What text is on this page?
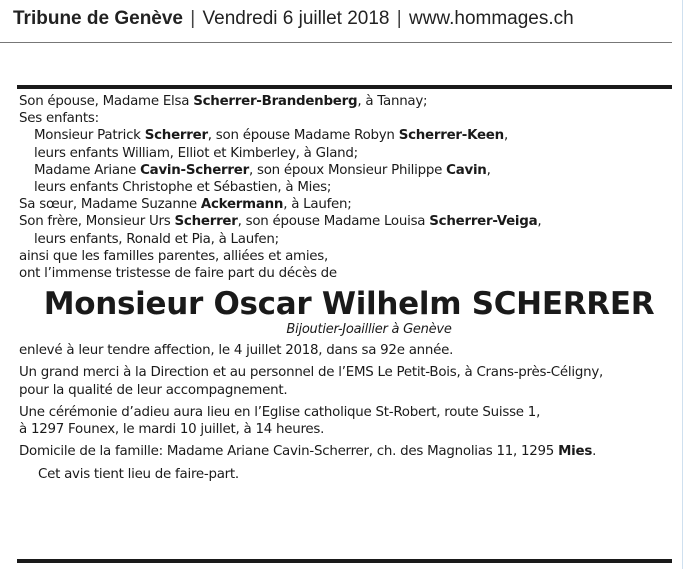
Tribune de Genève | Vendredi 6 juillet 2018 | www.hommages.ch
Son épouse, Madame Elsa Scherrer-Brandenberg, à Tannay;
Ses enfants:
Monsieur Patrick Scherrer, son épouse Madame Robyn Scherrer-Keen,
leurs enfants William, Elliot et Kimberley, à Gland;
Madame Ariane Cavin-Scherrer, son époux Monsieur Philippe Cavin,
leurs enfants Christophe et Sébastien, à Mies;
Sa sœur, Madame Suzanne Ackermann, à Laufen;
Son frère, Monsieur Urs Scherrer, son épouse Madame Louisa Scherrer-Veiga,
leurs enfants, Ronald et Pia, à Laufen;
ainsi que les familles parentes, alliées et amies,
ont l’immense tristesse de faire part du décès de
Monsieur Oscar Wilhelm SCHERRER
Bijoutier-Joaillier à Genève
enlevé à leur tendre affection, le 4 juillet 2018, dans sa 92e année.
Un grand merci à la Direction et au personnel de l’EMS Le Petit-Bois, à Crans-près-Céligny,
pour la qualité de leur accompagnement.
Une cérémonie d’adieu aura lieu en l’Eglise catholique St-Robert, route Suisse 1,
à 1297 Founex, le mardi 10 juillet, à 14 heures.
Domicile de la famille: Madame Ariane Cavin-Scherrer, ch. des Magnolias 11, 1295 Mies.
Cet avis tient lieu de faire-part.
